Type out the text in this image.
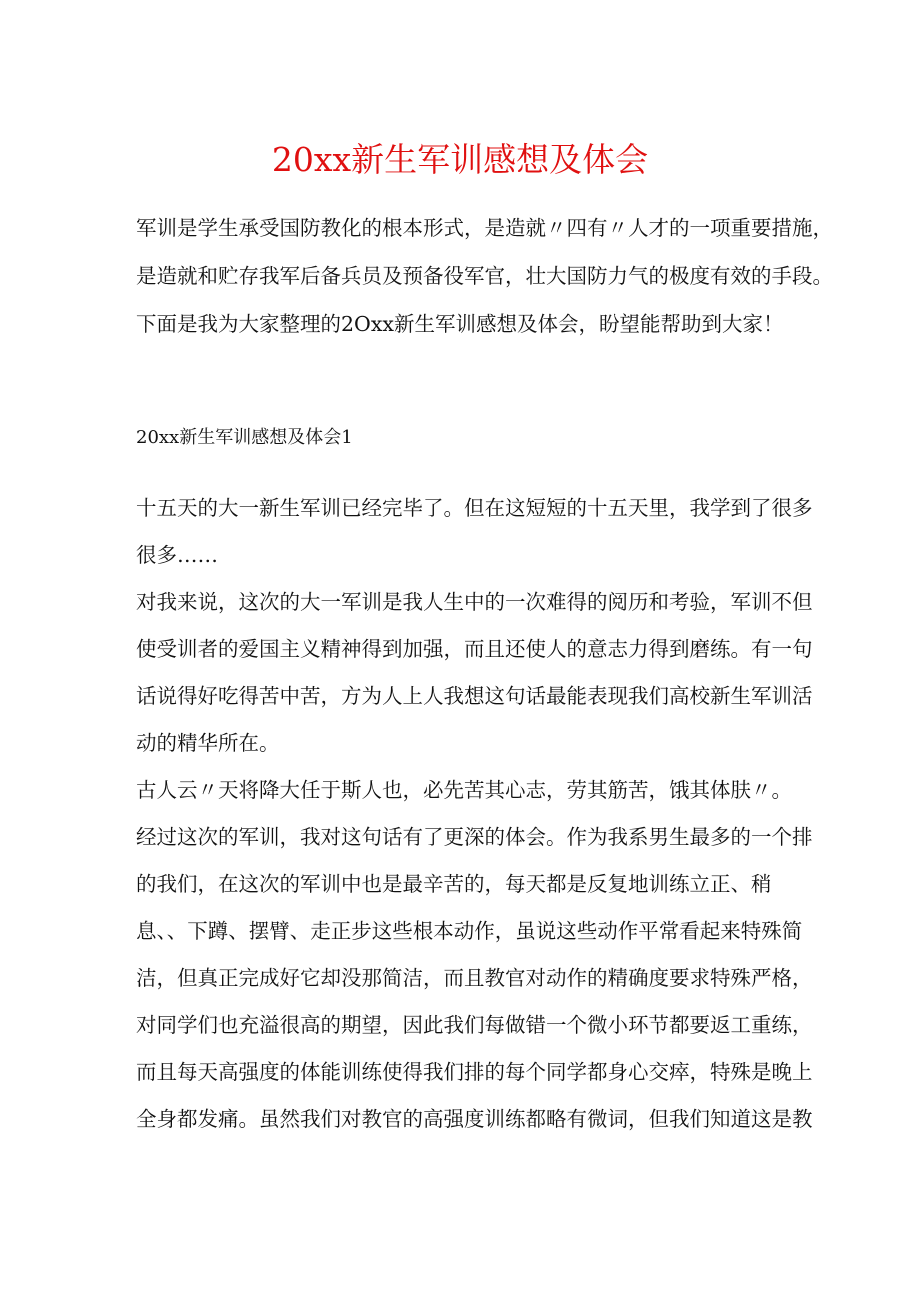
20xx新生军训感想及体会
军训是学生承受国防教化的根本形式，是造就〃四有〃人才的一项重要措施，
是造就和贮存我军后备兵员及预备役军官，壮大国防力气的极度有效的手段。
下面是我为大家整理的2Oxx新生军训感想及体会，盼望能帮助到大家！
20xx新生军训感想及体会1
十五天的大一新生军训已经完毕了。但在这短短的十五天里，我学到了很多
很多……
对我来说，这次的大一军训是我人生中的一次难得的阅历和考验，军训不但
使受训者的爱国主义精神得到加强，而且还使人的意志力得到磨练。有一句
话说得好吃得苦中苦，方为人上人我想这句话最能表现我们高校新生军训活
动的精华所在。
古人云〃天将降大任于斯人也，必先苦其心志，劳其筋苦，饿其体肤〃。
经过这次的军训，我对这句话有了更深的体会。作为我系男生最多的一个排
的我们，在这次的军训中也是最辛苦的，每天都是反复地训练立正、稍
息、、下蹲、摆臂、走正步这些根本动作，虽说这些动作平常看起来特殊简
洁，但真正完成好它却没那简洁，而且教官对动作的精确度要求特殊严格，
对同学们也充溢很高的期望，因此我们每做错一个微小环节都要返工重练，
而且每天高强度的体能训练使得我们排的每个同学都身心交瘁，特殊是晚上
全身都发痛。虽然我们对教官的高强度训练都略有微词，但我们知道这是教
